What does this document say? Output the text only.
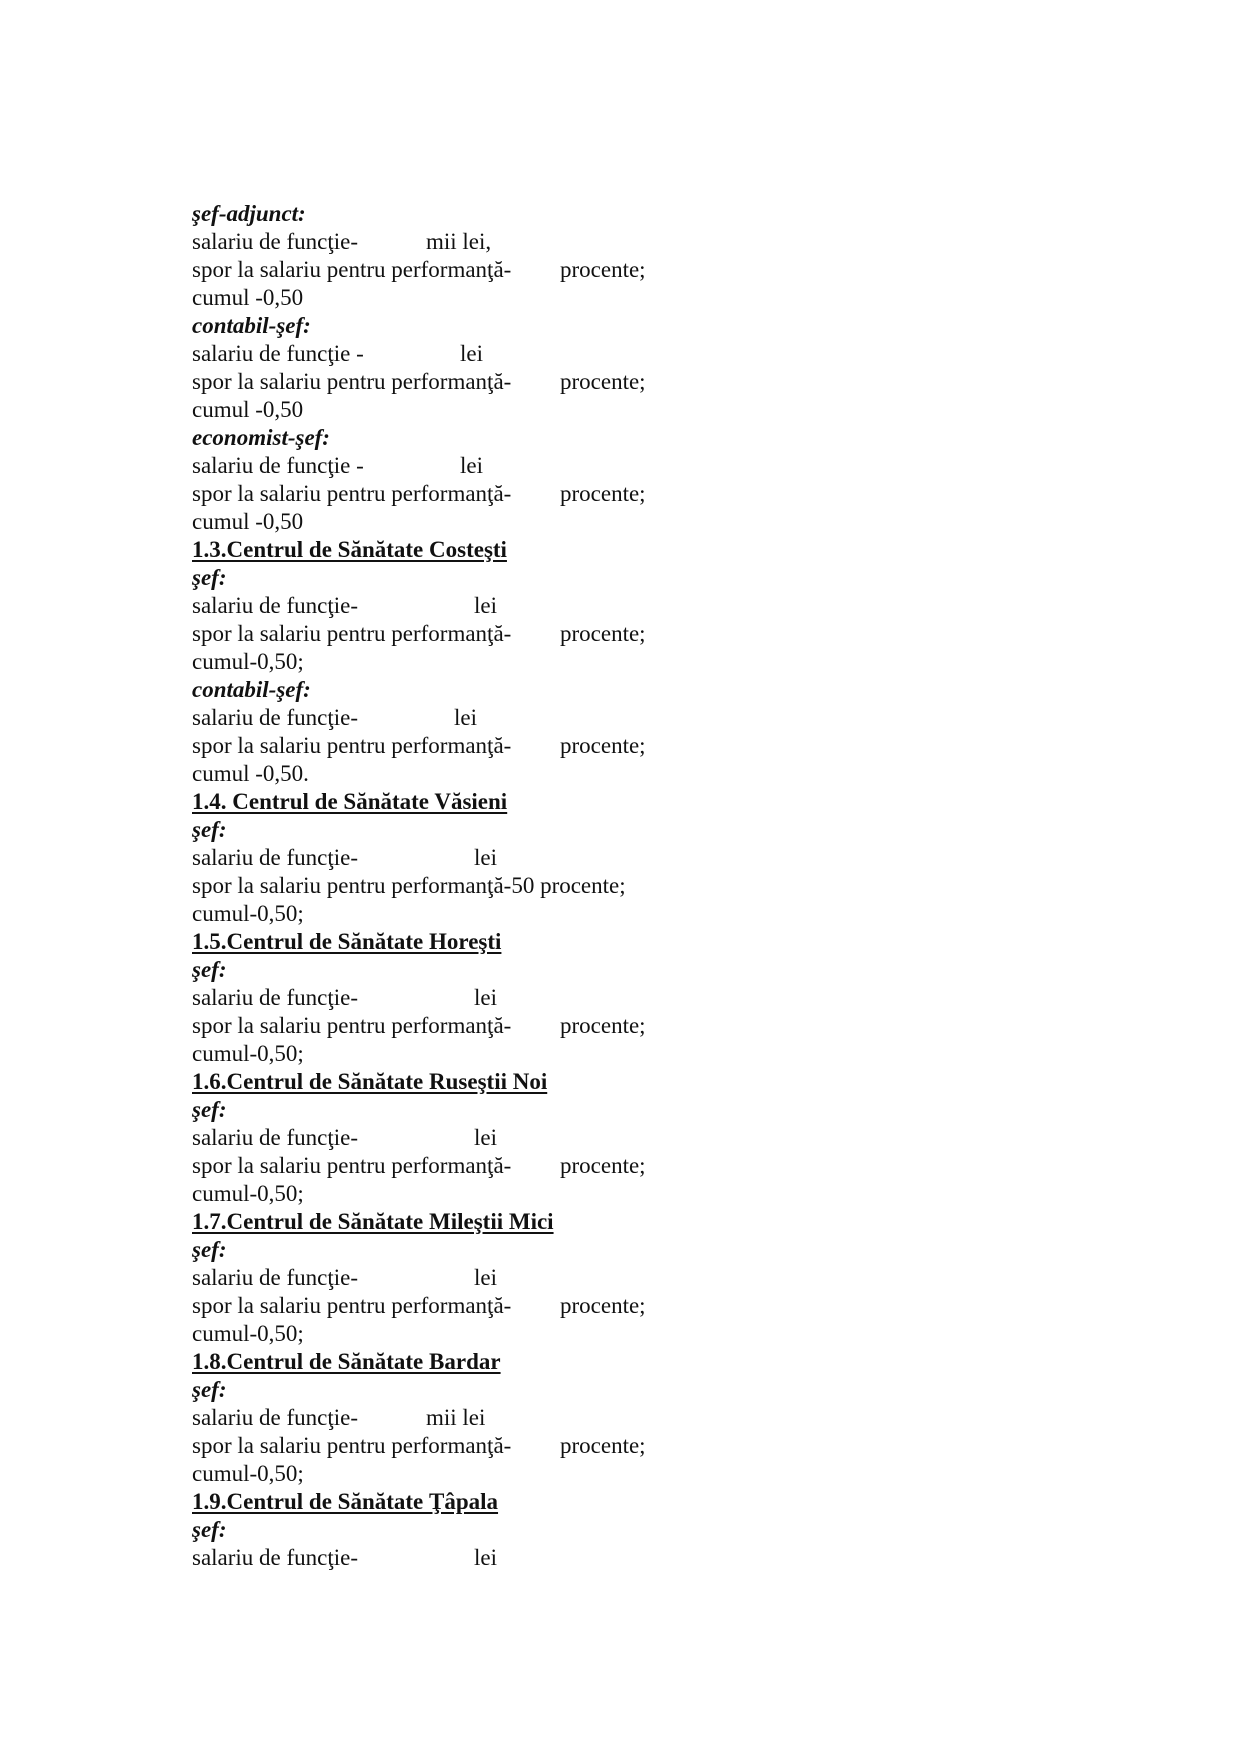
şef-adjunct:
salariu de funcţie-	mii lei,
spor la salariu pentru performanţă- procente;
cumul -0,50
contabil-şef:
salariu de funcţie -	lei
spor la salariu pentru performanţă- procente;
cumul -0,50
economist-şef:
salariu de funcţie -	lei
spor la salariu pentru performanţă- procente;
cumul -0,50
1.3.Centrul de Sănătate Costeşti
şef:
salariu de funcţie-	lei
spor la salariu pentru performanţă- procente;
cumul-0,50;
contabil-şef:
salariu de funcţie-	lei
spor la salariu pentru performanţă- procente;
cumul -0,50.
1.4. Centrul de Sănătate Văsieni
şef:
salariu de funcţie-	lei
spor la salariu pentru performanţă-50 procente;
cumul-0,50;
1.5.Centrul de Sănătate Horeşti
şef:
salariu de funcţie-	lei
spor la salariu pentru performanţă- procente;
cumul-0,50;
1.6.Centrul de Sănătate Ruseştii Noi
şef:
salariu de funcţie-	lei
spor la salariu pentru performanţă- procente;
cumul-0,50;
1.7.Centrul de Sănătate Mileştii Mici
şef:
salariu de funcţie-	lei
spor la salariu pentru performanţă- procente;
cumul-0,50;
1.8.Centrul de Sănătate Bardar
şef:
salariu de funcţie-	mii lei
spor la salariu pentru performanţă- procente;
cumul-0,50;
1.9.Centrul de Sănătate Ţâpala
şef:
salariu de funcţie-	lei
